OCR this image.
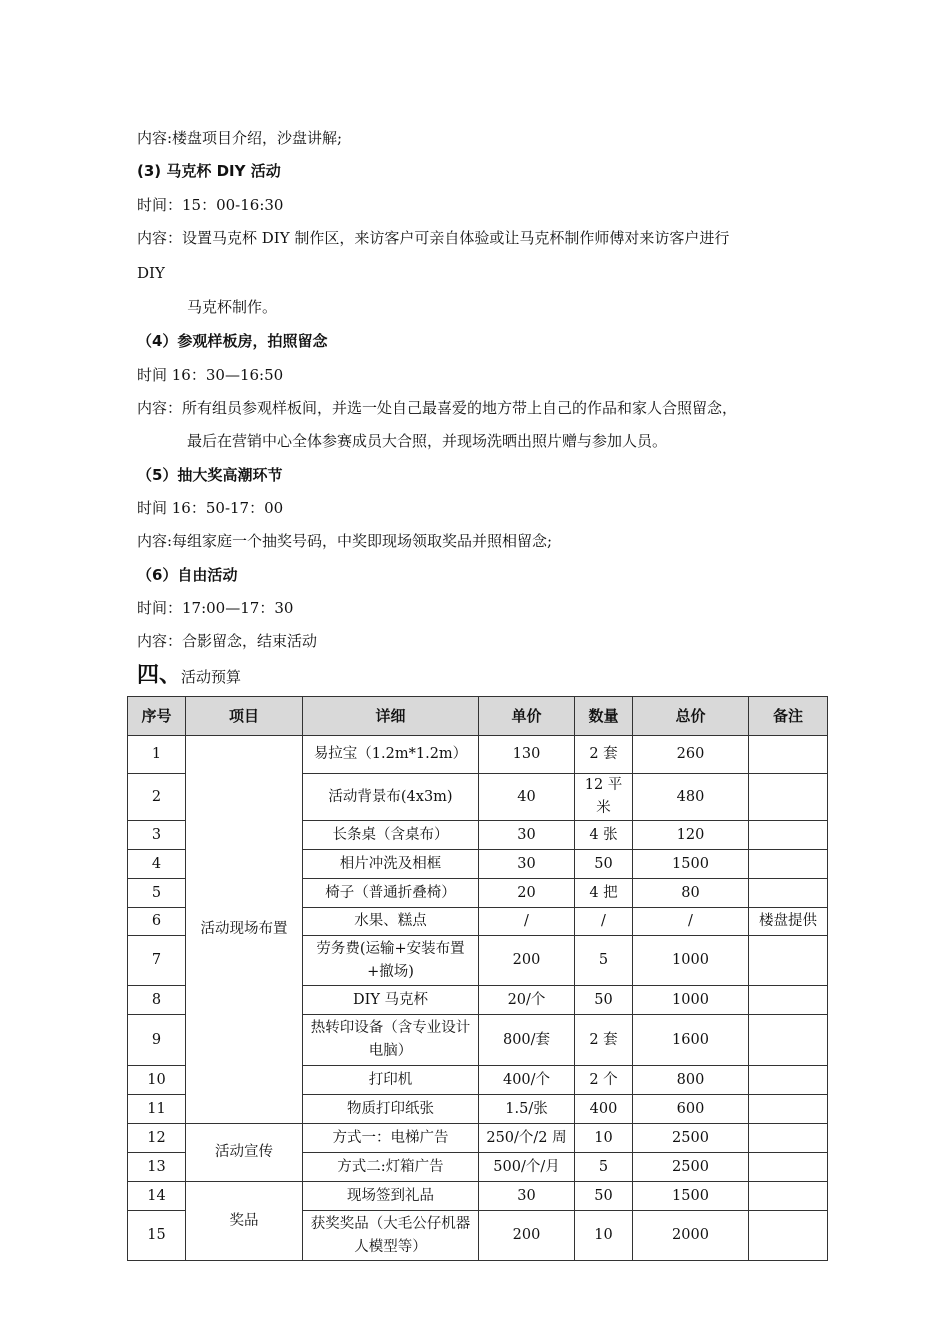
内容:楼盘项目介绍，沙盘讲解;
(3) 马克杯 DIY 活动
时间：15：00-16:30
内容：设置马克杯 DIY 制作区，来访客户可亲自体验或让马克杯制作师傅对来访客户进行
DIY
马克杯制作。
（4）参观样板房，拍照留念
时间 16：30—16:50
内容：所有组员参观样板间，并选一处自己最喜爱的地方带上自己的作品和家人合照留念，
最后在营销中心全体参赛成员大合照，并现场洗晒出照片赠与参加人员。
（5）抽大奖高潮环节
时间 16：50-17：00
内容:每组家庭一个抽奖号码，中奖即现场领取奖品并照相留念;
（6）自由活动
时间：17:00—17：30
内容：合影留念，结束活动
四、活动预算
序号	项目	详细	单价	数量	总价	备注
1	活动现场布置	易拉宝（1.2m*1.2m）	130	2 套	260	
2		活动背景布(4x3m)	40	12 平米	480	
3		长条桌（含桌布）	30	4 张	120	
4		相片冲洗及相框	30	50	1500	
5		椅子（普通折叠椅）	20	4 把	80	
6		水果、糕点	/	/	/	楼盘提供
7		劳务费(运输+安装布置+撤场)	200	5	1000	
8		DIY 马克杯	20/个	50	1000	
9		热转印设备（含专业设计电脑）	800/套	2 套	1600	
10		打印机	400/个	2 个	800	
11		物质打印纸张	1.5/张	400	600	
12	活动宣传	方式一：电梯广告	250/个/2 周	10	2500	
13		方式二:灯箱广告	500/个/月	5	2500	
14	奖品	现场签到礼品	30	50	1500	
15		获奖奖品（大毛公仔机器人模型等）	200	10	2000	
